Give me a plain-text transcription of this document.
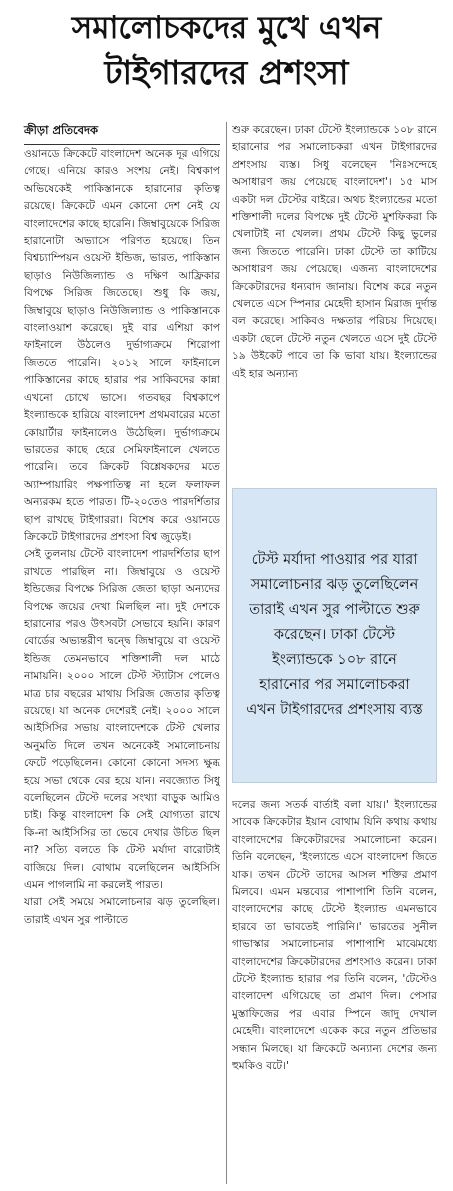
সমালোচকদের মুখে এখন
টাইগারদের প্রশংসা
ক্রীড়া প্রতিবেদক

ওয়ানডে ক্রিকেটে বাংলাদেশ অনেক দূর এগিয়ে গেছে। এনিয়ে কারও সংশয় নেই। বিশ্বকাপ অভিষেকেই পাকিস্তানকে হারানোর কৃতিত্ব রয়েছে। ক্রিকেটে এমন কোনো দেশ নেই যে বাংলাদেশের কাছে হারেনি। জিম্বাবুয়েকে সিরিজ হারানোটা অভ্যাসে পরিণত হয়েছে। তিন বিশ্বচ্যাম্পিয়ন ওয়েস্ট ইন্ডিজ, ভারত, পাকিস্তান ছাড়াও নিউজিল্যান্ড ও দক্ষিণ আফ্রিকার বিপক্ষে সিরিজ জিতেছে। শুধু কি জয়, জিম্বাবুয়ে ছাড়াও নিউজিল্যান্ড ও পাকিস্তানকে বাংলাওয়াশ করেছে। দুই বার এশিয়া কাপ ফাইনালে উঠলেও দুর্ভাগ্যক্রমে শিরোপা জিততে পারেনি। ২০১২ সালে ফাইনালে পাকিস্তানের কাছে হারার পর সাকিবদের কান্না এখনো চোখে ভাসে। গতবছর বিশ্বকাপে ইংল্যান্ডকে হারিয়ে বাংলাদেশ প্রথমবারের মতো কোয়ার্টার ফাইনালেও উঠেছিল। দুর্ভাগ্যক্রমে ভারতের কাছে হেরে সেমিফাইনালে খেলতে পারেনি। তবে ক্রিকেট বিশ্লেষকদের মতে অ্যাম্পায়ারিং পক্ষপাতিত্ব না হলে ফলাফল অন্যরকম হতে পারত। টি-২০তেও পারদর্শিতার ছাপ রাখছে টাইগাররা। বিশেষ করে ওয়ানডে ক্রিকেটে টাইগারদের প্রশংসা বিশ্ব জুড়েই।

সেই তুলনায় টেস্টে বাংলাদেশ পারদর্শিতার ছাপ রাখতে পারছিল না। জিম্বাবুয়ে ও ওয়েস্ট ইন্ডিজের বিপক্ষে সিরিজ জেতা ছাড়া অন্যদের বিপক্ষে জয়ের দেখা মিলছিল না। দুই দেশকে হারানোর পরও উৎসবটা সেভাবে হয়নি। কারণ বোর্ডের অভ্যন্তরীণ দ্বন্দ্বে জিম্বাবুয়ে বা ওয়েস্ট ইন্ডিজ তেমনভাবে শক্তিশালী দল মাঠে নামায়নি। ২০০০ সালে টেস্ট স্ট্যাটাস পেলেও মাত্র চার বছরের মাথায় সিরিজ জেতার কৃতিত্ব রয়েছে। যা অনেক দেশেরই নেই। ২০০০ সালে আইসিসির সভায় বাংলাদেশকে টেস্ট খেলার অনুমতি দিলে তখন অনেকেই সমালোচনায় ফেটে পড়েছিলেন। কোনো কোনো সদস্য ক্ষুব্ধ হয়ে সভা থেকে বের হয়ে যান। নবজ্যোত সিধু বলেছিলেন টেস্টে দলের সংখ্যা বাড়ুক আমিও চাই। কিন্তু বাংলাদেশ কি সেই যোগ্যতা রাখে কি-না আইসিসির তা ভেবে দেখার উচিত ছিল না? সত্যি বলতে কি টেস্ট মর্যাদা বারোটাই বাজিয়ে দিল। বোথাম বলেছিলেন আইসিসি এমন পাগলামি না করলেই পারত।

যারা সেই সময়ে সমালোচনার ঝড় তুলেছিল। তারাই এখন সুর পাল্টাতে

শুরু করেছেন। ঢাকা টেস্টে ইংল্যান্ডকে ১০৮ রানে হারানোর পর সমালোচকরা এখন টাইগারদের প্রশংসায় ব্যস্ত। সিধু বলেছেন 'নিঃসন্দেহে অসাধারণ জয় পেয়েছে বাংলাদেশ'। ১৫ মাস একটা দল টেস্টের বাইরে। অথচ ইংল্যান্ডের মতো শক্তিশালী দলের বিপক্ষে দুই টেস্টে মুশফিকরা কি খেলাটাই না খেলল। প্রথম টেস্টে কিছু ভুলের জন্য জিততে পারেনি। ঢাকা টেস্টে তা কাটিয়ে অসাধারণ জয় পেয়েছে। এজন্য বাংলাদেশের ক্রিকেটারদের ধন্যবাদ জানায়। বিশেষ করে নতুন খেলতে এসে স্পিনার মেহেদী হাসান মিরাজ দুর্দান্ত বল করেছে। সাকিবও দক্ষতার পরিচয় দিয়েছে। একটা ছেলে টেস্টে নতুন খেলতে এসে দুই টেস্টে ১৯ উইকেট পাবে তা কি ভাবা যায়। ইংল্যান্ডের এই হার অন্যান্য

টেস্ট মর্যাদা পাওয়ার পর যারা সমালোচনার ঝড় তুলেছিলেন তারাই এখন সুর পাল্টাতে শুরু করেছেন। ঢাকা টেস্টে ইংল্যান্ডকে ১০৮ রানে হারানোর পর সমালোচকরা এখন টাইগারদের প্রশংসায় ব্যস্ত

দলের জন্য সতর্ক বার্তাই বলা যায়।' ইংল্যান্ডের সাবেক ক্রিকেটার ইয়ান বোথাম যিনি কথায় কথায় বাংলাদেশের ক্রিকেটারদের সমালোচনা করেন। তিনি বলেছেন, 'ইংল্যান্ডে এসে বাংলাদেশ জিতে যাক। তখন টেস্টে তাদের আসল শক্তির প্রমাণ মিলবে। এমন মন্তব্যের পাশাপাশি তিনি বলেন, বাংলাদেশের কাছে টেস্টে ইংল্যান্ড এমনভাবে হারবে তা ভাবতেই পারিনি।' ভারতের সুনীল গাভাস্কার সমালোচনার পাশাপাশি মাঝেমধ্যে বাংলাদেশের ক্রিকেটারদের প্রশংসাও করেন। ঢাকা টেস্টে ইংল্যান্ড হারার পর তিনি বলেন, 'টেস্টেও বাংলাদেশ এগিয়েছে তা প্রমাণ দিল। পেসার মুস্তাফিজের পর এবার স্পিনে জাদু দেখাল মেহেদী। বাংলাদেশে একেক করে নতুন প্রতিভার সন্ধান মিলছে। যা ক্রিকেটে অন্যান্য দেশের জন্য হুমকিও বটে।'
